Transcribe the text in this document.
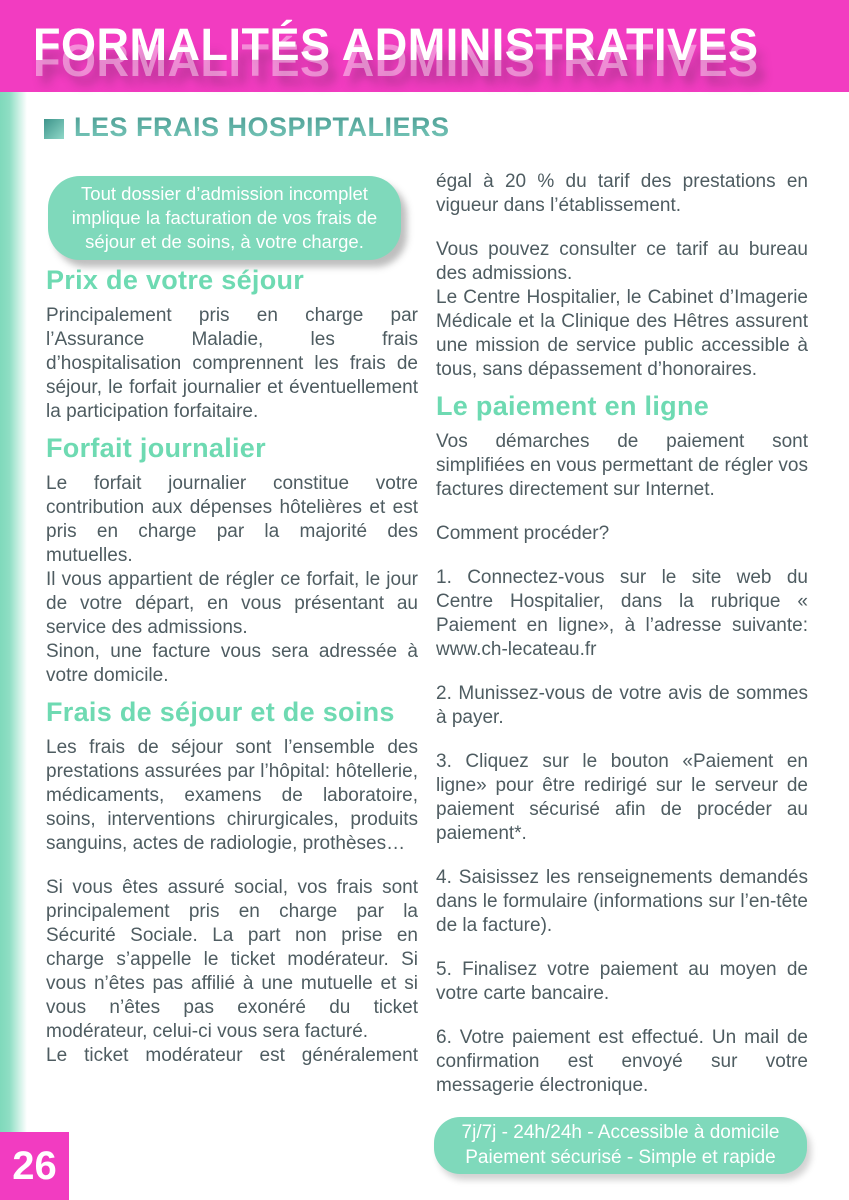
FORMALITÉS ADMINISTRATIVES
LES FRAIS HOSPIPTALIERS

Tout dossier d’admission incomplet implique la facturation de vos frais de séjour et de soins, à votre charge.

Prix de votre séjour

Principalement pris en charge par l’Assurance Maladie, les frais d’hospitalisation comprennent les frais de séjour, le forfait journalier et éventuellement la participation forfaitaire.

Forfait journalier

Le forfait journalier constitue votre contribution aux dépenses hôtelières et est pris en charge par la majorité des mutuelles.

Il vous appartient de régler ce forfait, le jour de votre départ, en vous présentant au service des admissions.

Sinon, une facture vous sera adressée à votre domicile.

Frais de séjour et de soins

Les frais de séjour sont l’ensemble des prestations assurées par l’hôpital: hôtellerie, médicaments, examens de laboratoire, soins, interventions chirurgicales, produits sanguins, actes de radiologie, prothèses…

Si vous êtes assuré social, vos frais sont principalement pris en charge par la Sécurité Sociale. La part non prise en charge s’appelle le ticket modérateur. Si vous n’êtes pas affilié à une mutuelle et si vous n’êtes pas exonéré du ticket modérateur, celui-ci vous sera facturé.

Le ticket modérateur est généralement

égal à 20 % du tarif des prestations en vigueur dans l’établissement.

Vous pouvez consulter ce tarif au bureau des admissions.

Le Centre Hospitalier, le Cabinet d’Imagerie Médicale et la Clinique des Hêtres assurent une mission de service public accessible à tous, sans dépassement d’honoraires.

Le paiement en ligne

Vos démarches de paiement sont simplifiées en vous permettant de régler vos factures directement sur Internet.

Comment procéder?

1. Connectez-vous sur le site web du Centre Hospitalier, dans la rubrique « Paiement en ligne», à l’adresse suivante: www.ch-lecateau.fr

2. Munissez-vous de votre avis de sommes à payer.

3. Cliquez sur le bouton «Paiement en ligne» pour être redirigé sur le serveur de paiement sécurisé afin de procéder au paiement*.

4. Saisissez les renseignements demandés dans le formulaire (informations sur l’en-tête de la facture).

5. Finalisez votre paiement au moyen de votre carte bancaire.

6. Votre paiement est effectué. Un mail de confirmation est envoyé sur votre messagerie électronique.

7j/7j - 24h/24h - Accessible à domicile

Paiement sécurisé - Simple et rapide

26
